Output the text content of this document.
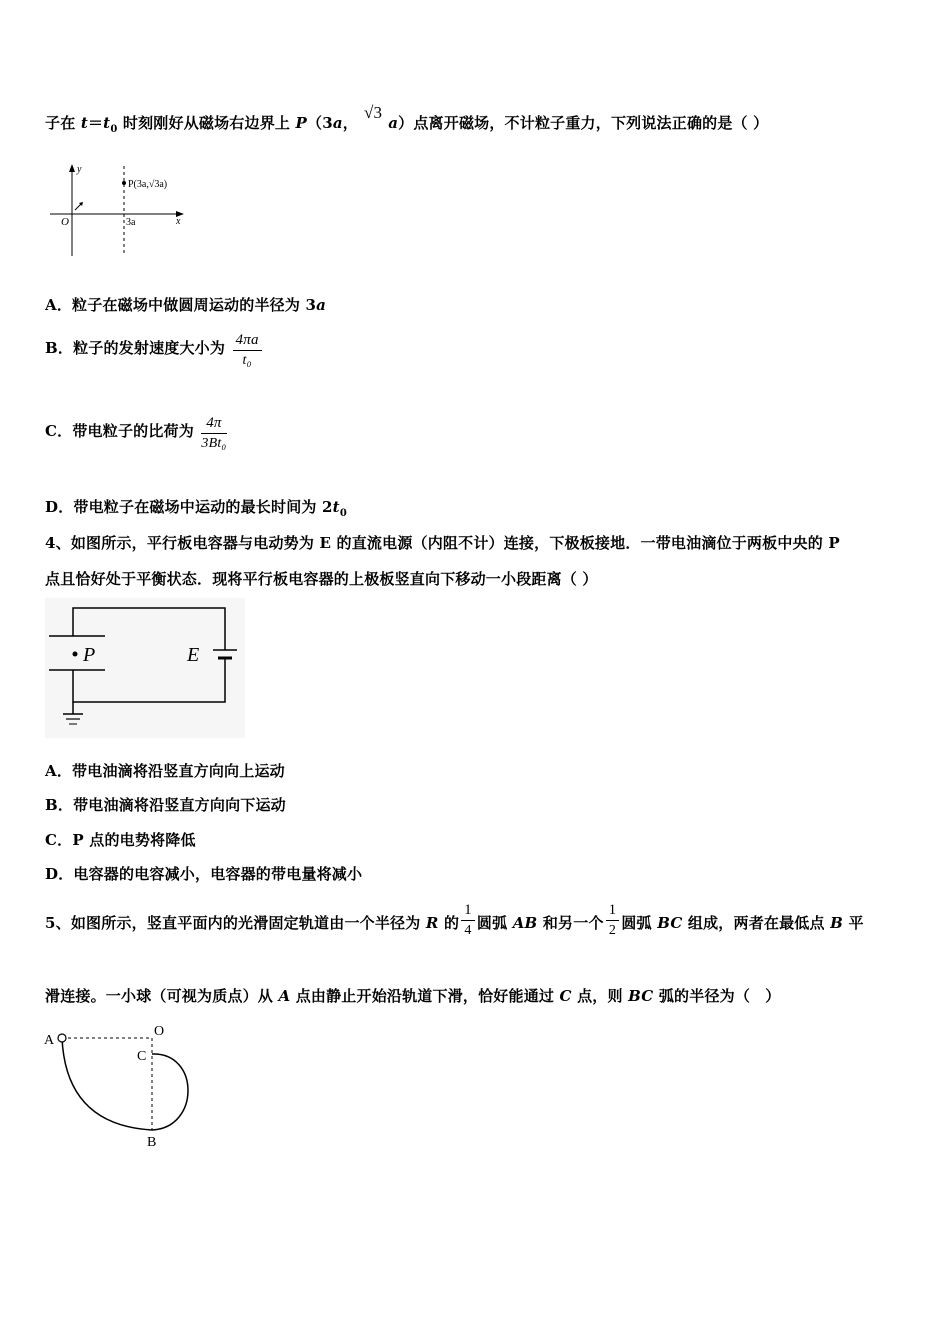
子在 $t=t_0$ 时刻刚好从磁场右边界上 P（3a，√3a）点离开磁场，不计粒子重力，下列说法正确的是（ ）
y
x
O	3a
P(3a,√3a)
A．粒子在磁场中做圆周运动的半径为 3a
B．粒子的发射速度大小为 $\frac{4\pi a}{\text{t₀}}$
C．带电粒子的比荷为 $\frac{4\pi}{\text{3Bt₀}}$
D．带电粒子在磁场中运动的最长时间为 $2t_0$
4、如图所示，平行板电容器与电动势为 E 的直流电源（内阻不计）连接，下极板接地．一带电油滴位于两板中央的 P
点且恰好处于平衡状态．现将平行板电容器的上极板竖直向下移动一小段距离（ ）
P	E
A．带电油滴将沿竖直方向向上运动
B．带电油滴将沿竖直方向向下运动
C．P 点的电势将降低
D．电容器的电容减小，电容器的带电量将减小
5、如图所示，竖直平面内的光滑固定轨道由一个半径为 R 的 $\frac{1}{4}$ 圆弧 AB 和另一个 $\frac{1}{2}$ 圆弧 BC 组成，两者在最低点 B 平
滑连接。一小球（可视为质点）从 A 点由静止开始沿轨道下滑，恰好能通过 C 点，则 BC 弧的半径为（　）
A
O
C
B
